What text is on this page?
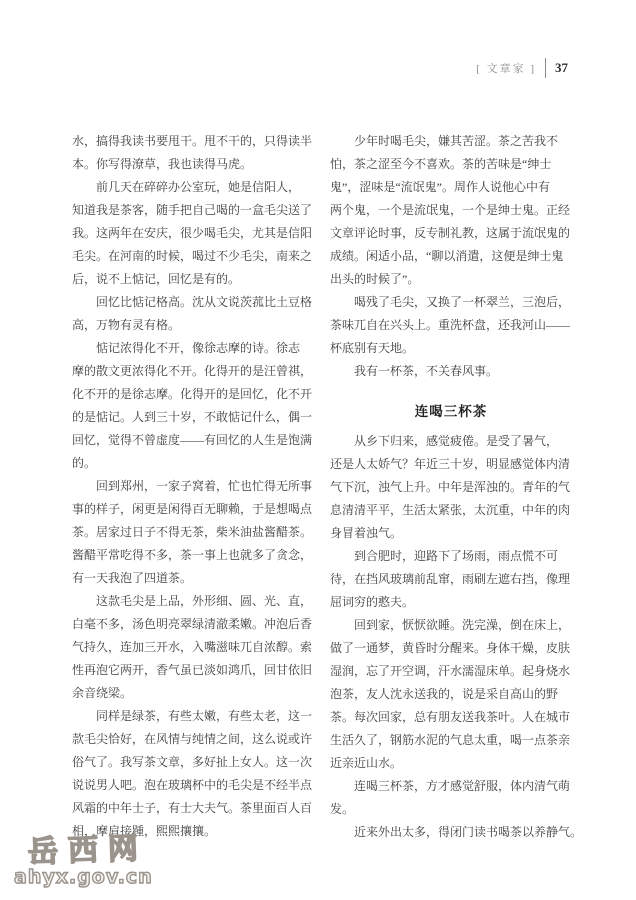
[ 文章家 ] 37
水，搞得我读书要甩干。甩不干的，只得读半
本。你写得潦草，我也读得马虎。
　　前几天在碎碎办公室玩，她是信阳人，
知道我是茶客，随手把自己喝的一盒毛尖送了
我。这两年在安庆，很少喝毛尖，尤其是信阳
毛尖。在河南的时候，喝过不少毛尖，南来之
后，说不上惦记，回忆是有的。
　　回忆比惦记格高。沈从文说茨菰比土豆格
高，万物有灵有格。
　　惦记浓得化不开，像徐志摩的诗。徐志
摩的散文更浓得化不开。化得开的是汪曾祺，
化不开的是徐志摩。化得开的是回忆，化不开
的是惦记。人到三十岁，不敢惦记什么，偶一
回忆，觉得不曾虚度——有回忆的人生是饱满
的。
　　回到郑州，一家子窝着，忙也忙得无所事
事的样子，闲更是闲得百无聊赖，于是想喝点
茶。居家过日子不得无茶，柴米油盐酱醋茶。
酱醋平常吃得不多，茶一事上也就多了贪念，
有一天我泡了四道茶。
　　这款毛尖是上品，外形细、圆、光、直，
白毫不多，汤色明亮翠绿清澈柔嫩。冲泡后香
气持久，连加三开水，入嘴滋味兀自浓醇。索
性再泡它两开，香气虽已淡如鸿爪，回甘依旧
余音绕梁。
　　同样是绿茶，有些太嫩，有些太老，这一
款毛尖恰好，在风情与纯情之间，这么说或许
俗气了。我写茶文章，多好扯上女人。这一次
说说男人吧。泡在玻璃杯中的毛尖是不经半点
风霜的中年士子，有士大夫气。茶里面百人百
相，摩肩接踵，熙熙攘攘。
　　少年时喝毛尖，嫌其苦涩。茶之苦我不
怕，茶之涩至今不喜欢。茶的苦味是“绅士
鬼”，涩味是“流氓鬼”。周作人说他心中有
两个鬼，一个是流氓鬼，一个是绅士鬼。正经
文章评论时事，反专制礼教，这属于流氓鬼的
成绩。闲适小品，“聊以消遣，这便是绅士鬼
出头的时候了”。
　　喝残了毛尖，又换了一杯翠兰，三泡后，
茶味兀自在兴头上。重洗杯盘，还我河山——
杯底别有天地。
　　我有一杯茶，不关春风事。
连喝三杯茶
　　从乡下归来，感觉疲倦。是受了暑气，
还是人太娇气？年近三十岁，明显感觉体内清
气下沉，浊气上升。中年是浑浊的。青年的气
息清清平平，生活太紧张，太沉重，中年的肉
身冒着浊气。
　　到合肥时，迎路下了场雨，雨点慌不可
待，在挡风玻璃前乱窜，雨刷左遮右挡，像理
屈词穷的憨夫。
　　回到家，恹恹欲睡。洗完澡，倒在床上，
做了一通梦，黄昏时分醒来。身体干燥，皮肤
湿润，忘了开空调，汗水濡湿床单。起身烧水
泡茶，友人沈永送我的，说是采自高山的野
茶。每次回家，总有朋友送我茶叶。人在城市
生活久了，钢筋水泥的气息太重，喝一点茶亲
近亲近山水。
　　连喝三杯茶，方才感觉舒服，体内清气萌
发。
　　近来外出太多，得闭门读书喝茶以养静气。
岳西网
ahyx.gov.cn
